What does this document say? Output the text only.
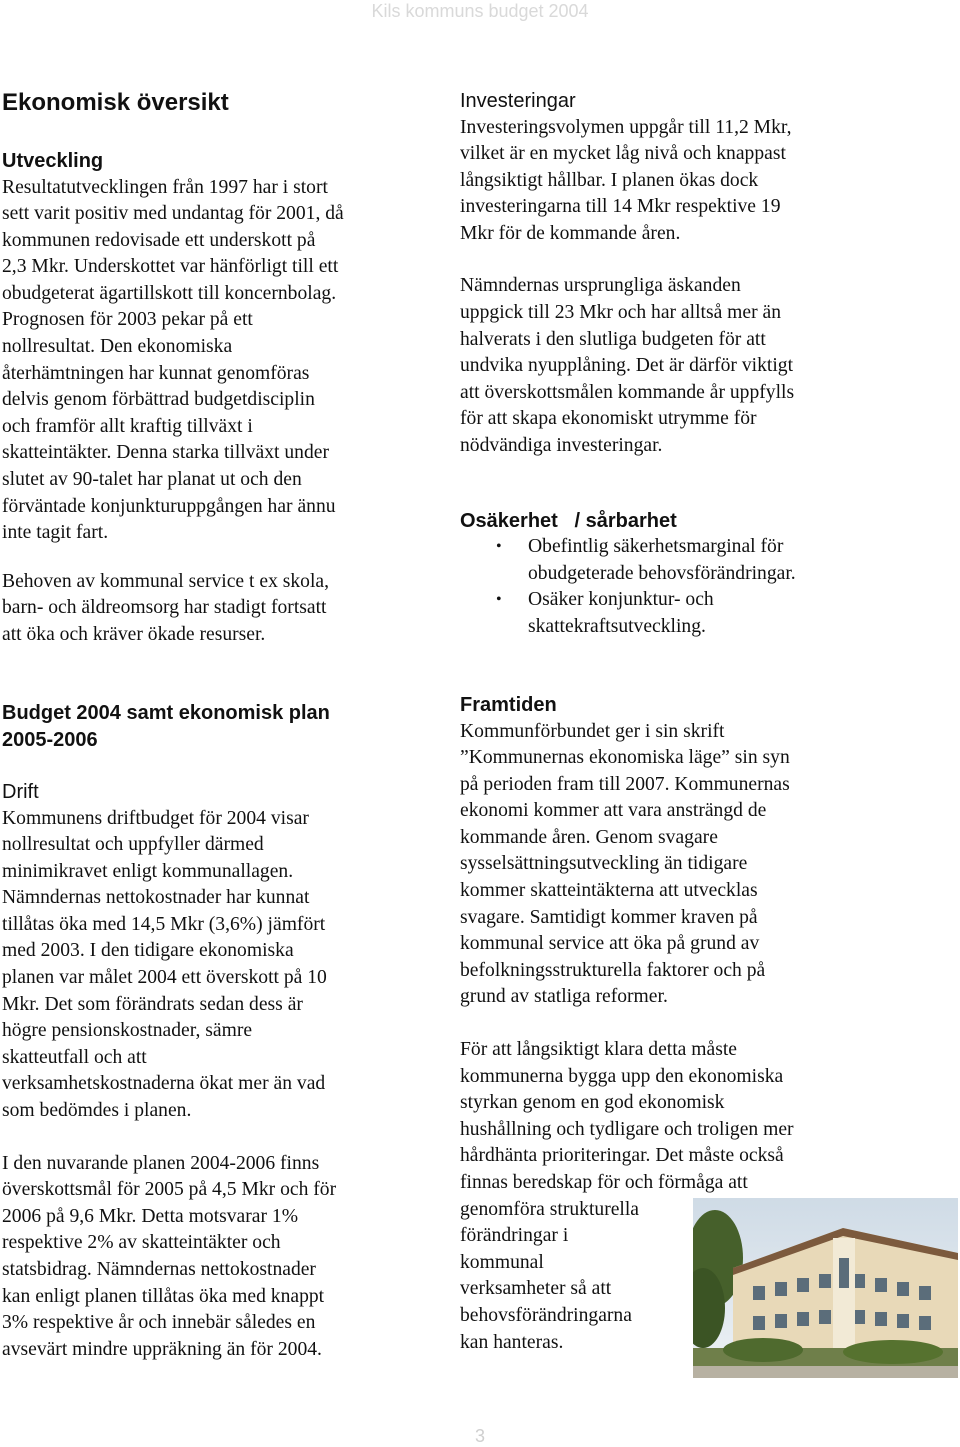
Kils kommuns budget 2004
Ekonomisk översikt
Utveckling

Resultatutvecklingen från 1997 har i stort
sett varit positiv med undantag för 2001, då
kommunen redovisade ett underskott på
2,3 Mkr. Underskottet var hänförligt till ett
obudgeterat ägartillskott till koncernbolag.
Prognosen för 2003 pekar på ett
nollresultat. Den ekonomiska
återhämtningen har kunnat genomföras
delvis genom förbättrad budgetdisciplin
och framför allt kraftig tillväxt i
skatteintäkter. Denna starka tillväxt under
slutet av 90-talet har planat ut och den
förväntade konjunkturuppgången har ännu
inte tagit fart.

Behoven av kommunal service t ex skola,
barn- och äldreomsorg har stadigt fortsatt
att öka och kräver ökade resurser.

Investeringar

Investeringsvolymen uppgår till 11,2 Mkr,
vilket är en mycket låg nivå och knappast
långsiktigt hållbar. I planen ökas dock
investeringarna till 14 Mkr respektive 19
Mkr för de kommande åren.

Nämndernas ursprungliga äskanden
uppgick till 23 Mkr och har alltså mer än
halverats i den slutliga budgeten för att
undvika nyupplåning. Det är därför viktigt
att överskottsmålen kommande år uppfylls
för att skapa ekonomiskt utrymme för
nödvändiga investeringar.

Osäkerhet   / sårbarhet
• Obefintlig säkerhetsmarginal för
obudgeterade behovsförändringar.
• Osäker konjunktur- och
skattekraftsutveckling.
Budget 2004 samt ekonomisk plan
2005-2006
Drift

Kommunens driftbudget för 2004 visar
nollresultat och uppfyller därmed
minimikravet enligt kommunallagen.
Nämndernas nettokostnader har kunnat
tillåtas öka med 14,5 Mkr (3,6%) jämfört
med 2003. I den tidigare ekonomiska
planen var målet 2004 ett överskott på 10
Mkr. Det som förändrats sedan dess är
högre pensionskostnader, sämre
skatteutfall och att
verksamhetskostnaderna ökat mer än vad
som bedömdes i planen.

I den nuvarande planen 2004-2006 finns
överskottsmål för 2005 på 4,5 Mkr och för
2006 på 9,6 Mkr. Detta motsvarar 1%
respektive 2% av skatteintäkter och
statsbidrag. Nämndernas nettokostnader
kan enligt planen tillåtas öka med knappt
3% respektive år och innebär således en
avsevärt mindre uppräkning än för 2004.

Framtiden

Kommunförbundet ger i sin skrift
”Kommunernas ekonomiska läge” sin syn
på perioden fram till 2007. Kommunernas
ekonomi kommer att vara ansträngd de
kommande åren. Genom svagare
sysselsättningsutveckling än tidigare
kommer skatteintäkterna att utvecklas
svagare. Samtidigt kommer kraven på
kommunal service att öka på grund av
befolkningsstrukturella faktorer och på
grund av statliga reformer.

För att långsiktigt klara detta måste
kommunerna bygga upp den ekonomiska
styrkan genom en god ekonomisk
hushållning och tydligare och troligen mer
hårdhänta prioriteringar. Det måste också
finnas beredskap för och förmåga att
genomföra strukturella
förändringar i
kommunal
verksamheter så att
behovsförändringarna
kan hanteras.

3
